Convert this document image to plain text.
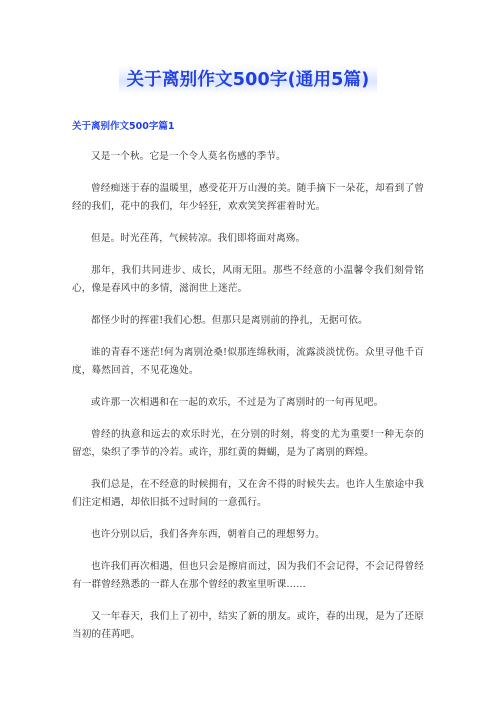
关于离别作文500字(通用5篇)
关于离别作文500字篇1

又是一个秋。它是一个令人莫名伤感的季节。

曾经痴迷于春的温暖里，感受花开万山漫的美。随手摘下一朵花，却看到了曾经的我们，花中的我们，年少轻狂，欢欢笑笑挥霍着时光。

但是。时光荏苒，气候转凉。我们即将面对离殇。

那年，我们共同进步、成长，风雨无阻。那些不经意的小温馨令我们刻骨铭心，像是春风中的多情，滋润世上迷茫。

都怪少时的挥霍!我们心想。但那只是离别前的挣扎，无据可依。

谁的青春不迷茫!何为离别沧桑!似那连绵秋雨，流露淡淡忧伤。众里寻他千百度，蓦然回首，不见花逸处。

或许那一次相遇和在一起的欢乐，不过是为了离别时的一句再见吧。

曾经的执意和远去的欢乐时光，在分别的时刻，将变的尤为重要!一种无奈的留恋，染织了季节的冷若。或许，那红黄的舞蝴，是为了离别的辉煌。

我们总是，在不经意的时候拥有，又在舍不得的时候失去。也许人生旅途中我们注定相遇，却依旧抵不过时间的一意孤行。

也许分别以后，我们各奔东西，朝着自己的理想努力。

也许我们再次相遇，但也只会是擦肩而过，因为我们不会记得，不会记得曾经有一群曾经熟悉的一群人在那个曾经的教室里听课……

又一年春天，我们上了初中，结实了新的朋友。或许，春的出现，是为了还原当初的荏苒吧。
